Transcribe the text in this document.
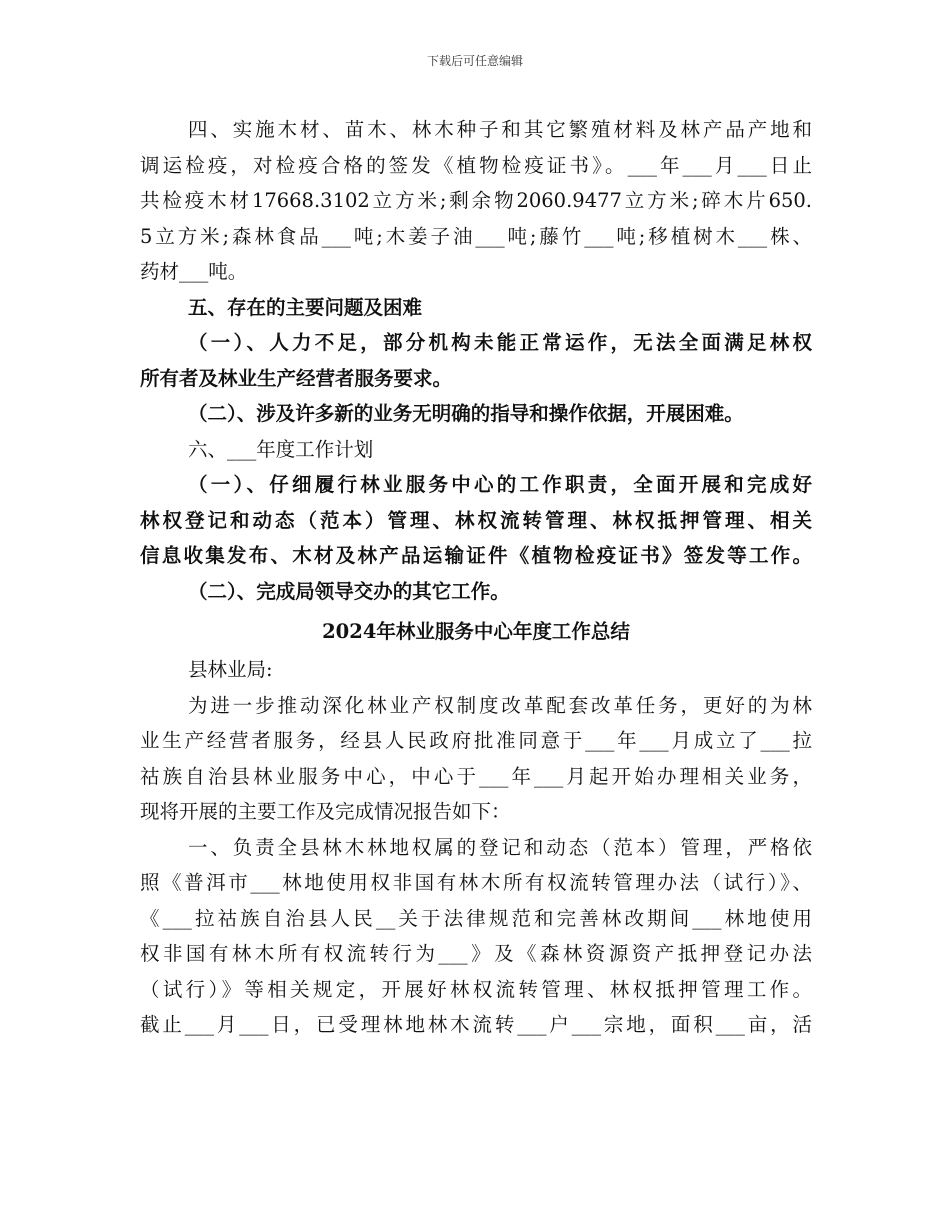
下载后可任意编辑
四、实施木材、苗木、林木种子和其它繁殖材料及林产品产地和
调运检疫，对检疫合格的签发《植物检疫证书》。___年___月___日止
共检疫木材17668.3102立方米;剩余物2060.9477立方米;碎木片650.
5立方米;森林食品___吨;木姜子油___吨;藤竹___吨;移植树木___株、
药材___吨。
五、存在的主要问题及困难
（一）、人力不足，部分机构未能正常运作，无法全面满足林权
所有者及林业生产经营者服务要求。
（二）、涉及许多新的业务无明确的指导和操作依据，开展困难。
六、___年度工作计划
（一）、仔细履行林业服务中心的工作职责，全面开展和完成好
林权登记和动态（范本）管理、林权流转管理、林权抵押管理、相关
信息收集发布、木材及林产品运输证件《植物检疫证书》签发等工作。
（二）、完成局领导交办的其它工作。
2024年林业服务中心年度工作总结
县林业局:
为进一步推动深化林业产权制度改革配套改革任务，更好的为林
业生产经营者服务，经县人民政府批准同意于___年___月成立了___拉
祜族自治县林业服务中心，中心于___年___月起开始办理相关业务，
现将开展的主要工作及完成情况报告如下：
一、负责全县林木林地权属的登记和动态（范本）管理，严格依
照《普洱市___林地使用权非国有林木所有权流转管理办法（试行）》、
《___拉祜族自治县人民__关于法律规范和完善林改期间___林地使用
权非国有林木所有权流转行为___》及《森林资源资产抵押登记办法
（试行）》等相关规定，开展好林权流转管理、林权抵押管理工作。
截止___月___日，已受理林地林木流转___户___宗地，面积___亩，活
